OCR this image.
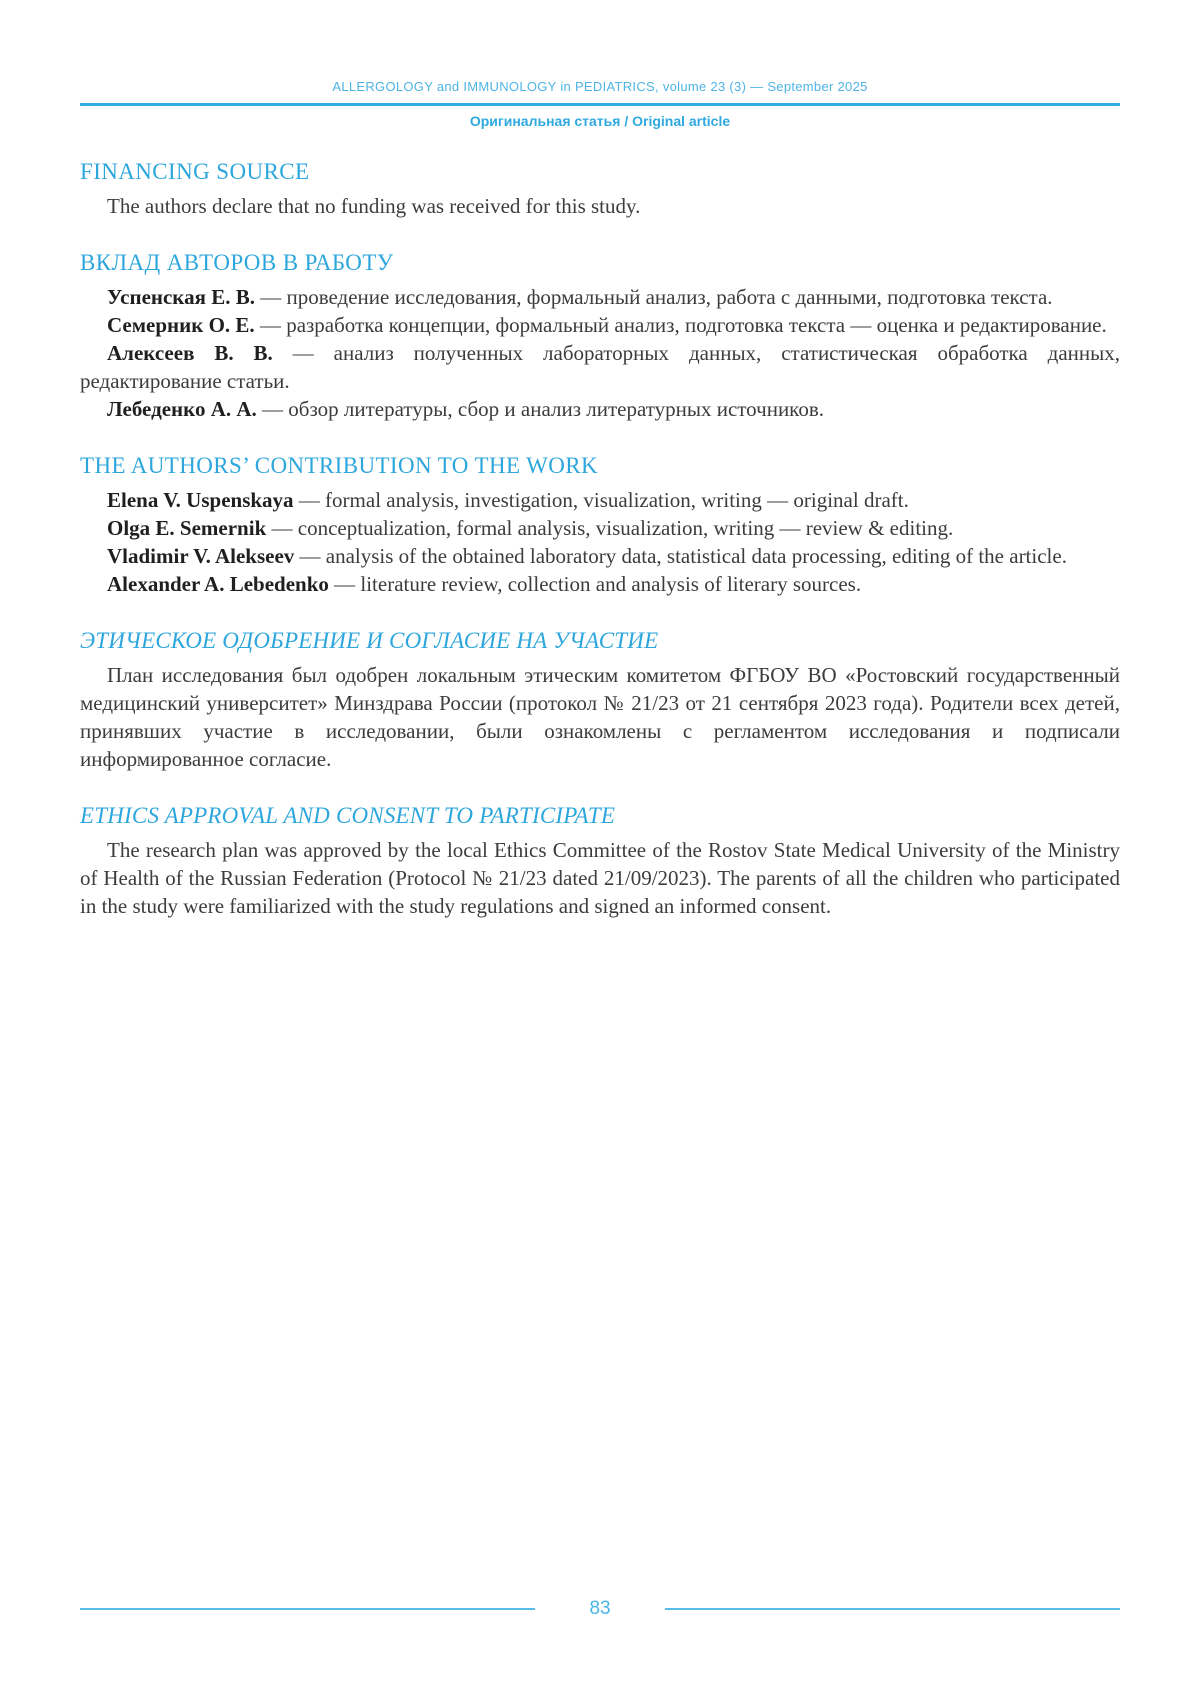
ALLERGOLOGY and IMMUNOLOGY in PEDIATRICS, volume 23 (3) — September 2025
Оригинальная статья / Original article
FINANCING SOURCE

The authors declare that no funding was received for this study.

ВКЛАД АВТОРОВ В РАБОТУ

Успенская Е. В. — проведение исследования, формальный анализ, работа с данными, подготовка текста.

Семерник О. Е. — разработка концепции, формальный анализ, подготовка текста — оценка и редактирование.

Алексеев В. В. — анализ полученных лабораторных данных, статистическая обработка данных, редактирование статьи.

Лебеденко А. А. — обзор литературы, сбор и анализ литературных источников.

THE AUTHORS’ CONTRIBUTION TO THE WORK

Elena V. Uspenskaya — formal analysis, investigation, visualization, writing — original draft.

Olga E. Semernik — conceptualization, formal analysis, visualization, writing — review & editing.

Vladimir V. Alekseev — analysis of the obtained laboratory data, statistical data processing, editing of the article.

Alexander A. Lebedenko — literature review, collection and analysis of literary sources.

ЭТИЧЕСКОЕ ОДОБРЕНИЕ И СОГЛАСИЕ НА УЧАСТИЕ

План исследования был одобрен локальным этическим комитетом ФГБОУ ВО «Ростовский государственный медицинский университет» Минздрава России (протокол № 21/23 от 21 сентября 2023 года). Родители всех детей, принявших участие в исследовании, были ознакомлены с регламентом исследования и подписали информированное согласие.

ETHICS APPROVAL AND CONSENT TO PARTICIPATE

The research plan was approved by the local Ethics Committee of the Rostov State Medical University of the Ministry of Health of the Russian Federation (Protocol № 21/23 dated 21/09/2023). The parents of all the children who participated in the study were familiarized with the study regulations and signed an informed consent.

83
